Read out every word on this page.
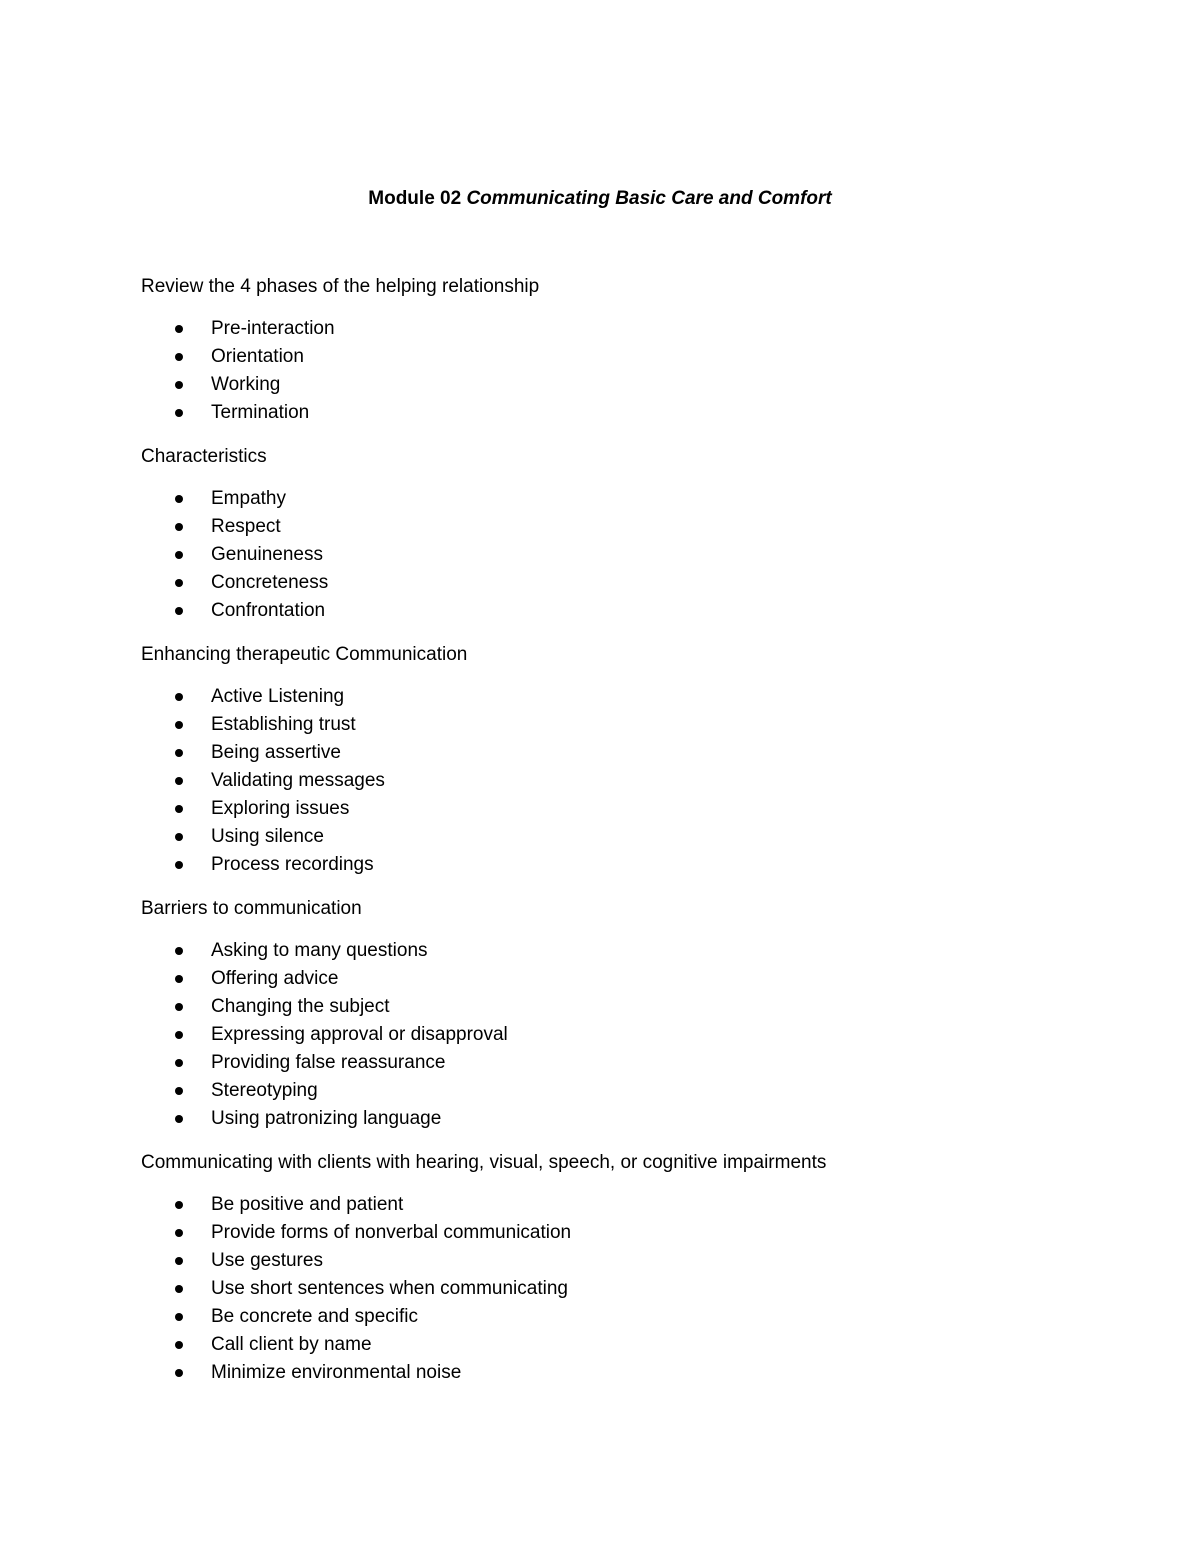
Module 02 Communicating Basic Care and Comfort

Review the 4 phases of the helping relationship

Pre-interaction
Orientation
Working
Termination

Characteristics

Empathy
Respect
Genuineness
Concreteness
Confrontation

Enhancing therapeutic Communication

Active Listening
Establishing trust
Being assertive
Validating messages
Exploring issues
Using silence
Process recordings

Barriers to communication

Asking to many questions
Offering advice
Changing the subject
Expressing approval or disapproval
Providing false reassurance
Stereotyping
Using patronizing language

Communicating with clients with hearing, visual, speech, or cognitive impairments

Be positive and patient
Provide forms of nonverbal communication
Use gestures
Use short sentences when communicating
Be concrete and specific
Call client by name
Minimize environmental noise
